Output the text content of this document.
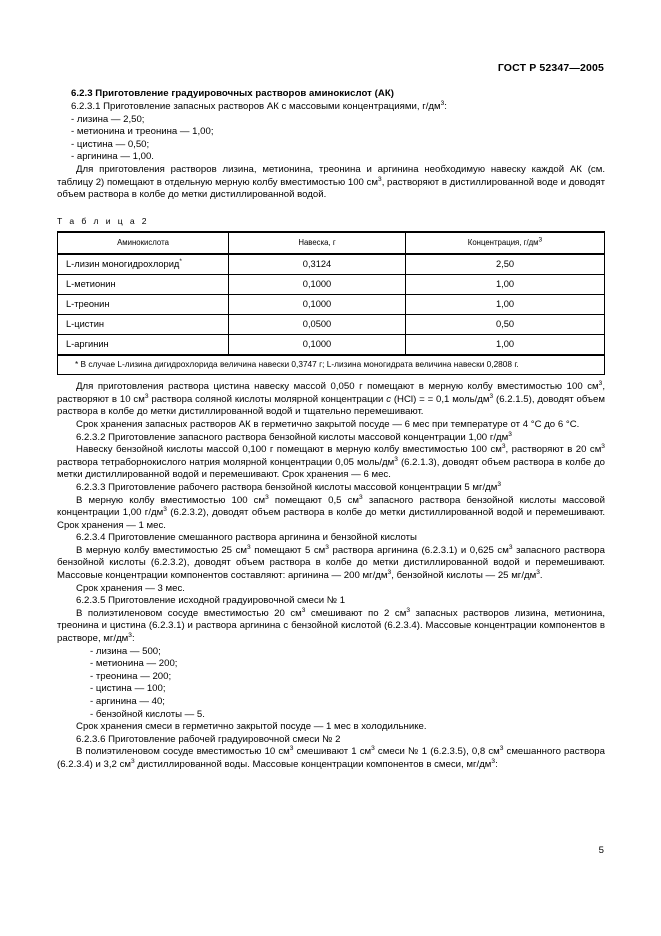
ГОСТ Р 52347—2005
6.2.3 Приготовление градуировочных растворов аминокислот (АК)

6.2.3.1 Приготовление запасных растворов АК с массовыми концентрациями, $г/дм^3$:

- лизина — 2,50;
- метионина и треонина — 1,00;
- цистина — 0,50;
- аргинина — 1,00.

Для приготовления растворов лизина, метионина, треонина и аргинина необходимую навеску каждой АК (см. таблицу 2) помещают в отдельную мерную колбу вместимостью 100 $см^3$, растворяют в дистиллированной воде и доводят объем раствора в колбе до метки дистиллированной водой.

Т а б л и ц а 2
Аминокислота	Навеска, г	Концентрация, $г/дм^3$
L-лизин моногидрохлорид*	0,3124	2,50
L-метионин	0,1000	1,00
L-треонин	0,1000	1,00
L-цистин	0,0500	0,50
L-аргинин	0,1000	1,00

* В случае L-лизина дигидрохлорида величина навески 0,3747 г; L-лизина моногидрата величина навески 0,2808 г.		

Для приготовления раствора цистина навеску массой 0,050 г помещают в мерную колбу вместимостью 100 $см^3$, растворяют в 10 $см^3$ раствора соляной кислоты молярной концентрации с (HCl) = = 0,1 моль/$дм^3$ (6.2.1.5), доводят объем раствора в колбе до метки дистиллированной водой и тщательно перемешивают.

Срок хранения запасных растворов АК в герметично закрытой посуде — 6 мес при температуре от 4 °С до 6 °С.

6.2.3.2 Приготовление запасного раствора бензойной кислоты массовой концентрации 1,00 $г/дм^3$

Навеску бензойной кислоты массой 0,100 г помещают в мерную колбу вместимостью 100 $см^3$, растворяют в 20 $см^3$ раствора тетраборнокислого натрия молярной концентрации 0,05 моль/$дм^3$ (6.2.1.3), доводят объем раствора в колбе до метки дистиллированной водой и перемешивают. Срок хранения — 6 мес.

6.2.3.3 Приготовление рабочего раствора бензойной кислоты массовой концентрации 5 $мг/дм^3$

В мерную колбу вместимостью 100 $см^3$ помещают 0,5 $см^3$ запасного раствора бензойной кислоты массовой концентрации 1,00 $г/дм^3$ (6.2.3.2), доводят объем раствора в колбе до метки дистиллированной водой и перемешивают. Срок хранения — 1 мес.

6.2.3.4 Приготовление смешанного раствора аргинина и бензойной кислоты

В мерную колбу вместимостью 25 $см^3$ помещают 5 $см^3$ раствора аргинина (6.2.3.1) и 0,625 $см^3$ запасного раствора бензойной кислоты (6.2.3.2), доводят объем раствора в колбе до метки дистиллированной водой и перемешивают. Массовые концентрации компонентов составляют: аргинина — 200 $мг/дм^3$, бензойной кислоты — 25 $мг/дм^3$.

Срок хранения — 3 мес.

6.2.3.5 Приготовление исходной градуировочной смеси № 1

В полиэтиленовом сосуде вместимостью 20 $см^3$ смешивают по 2 $см^3$ запасных растворов лизина, метионина, треонина и цистина (6.2.3.1) и раствора аргинина с бензойной кислотой (6.2.3.4). Массовые концентрации компонентов в растворе, $мг/дм^3$:

- лизина — 500;
- метионина — 200;
- треонина — 200;
- цистина — 100;
- аргинина — 40;
- бензойной кислоты — 5.

Срок хранения смеси в герметично закрытой посуде — 1 мес в холодильнике.

6.2.3.6 Приготовление рабочей градуировочной смеси № 2

В полиэтиленовом сосуде вместимостью 10 $см^3$ смешивают 1 $см^3$ смеси № 1 (6.2.3.5), 0,8 $см^3$ смешанного раствора (6.2.3.4) и 3,2 $см^3$ дистиллированной воды. Массовые концентрации компонентов в смеси, $мг/дм^3$:

5
